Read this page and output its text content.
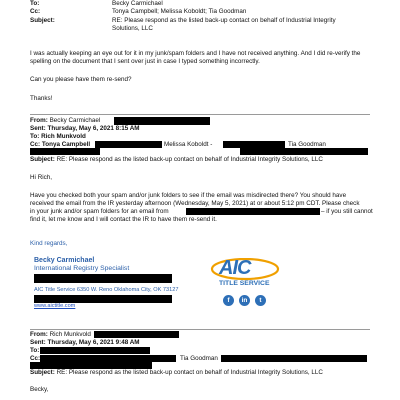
To:	Becky Carmichael
Cc:	Tonya Campbell; Melissa Koboldt; Tia Goodman
Subject:	RE: Please respond as the listed back-up contact on behalf of Industrial Integrity
Solutions, LLC
I was actually keeping an eye out for it in my junk/spam folders and I have not received anything. And I did re-verify the
spelling on the document that I sent over just in case I typed something incorrectly.
Can you please have them re-send?
Thanks!
From: Becky Carmichael
Sent: Thursday, May 6, 2021 8:15 AM
To: Rich Munkvold
Cc: Tonya Campbell	Melissa Koboldt -	Tia Goodman
Subject: RE: Please respond as the listed back-up contact on behalf of Industrial Integrity Solutions, LLC
Hi Rich,
Have you checked both your spam and/or junk folders to see if the email was misdirected there? You should have
received the email from the IR yesterday afternoon (Wednesday, May 5, 2021) at or about 5:12 pm CDT. Please check
in your junk and/or spam folders for an email from	– if you still cannot
find it, let me know and I will contact the IR to have them re-send it.
Kind regards,
Becky Carmichael
International Registry Specialist
AIC Title Service 6350 W. Reno Oklahoma City, OK 73127
www.aictitle.com
AIC
TITLE SERVICE
f	in	t
From: Rich Munkvold
Sent: Thursday, May 6, 2021 9:48 AM
To:
Cc:	Tia Goodman
Subject: RE: Please respond as the listed back-up contact on behalf of Industrial Integrity Solutions, LLC
Becky,
